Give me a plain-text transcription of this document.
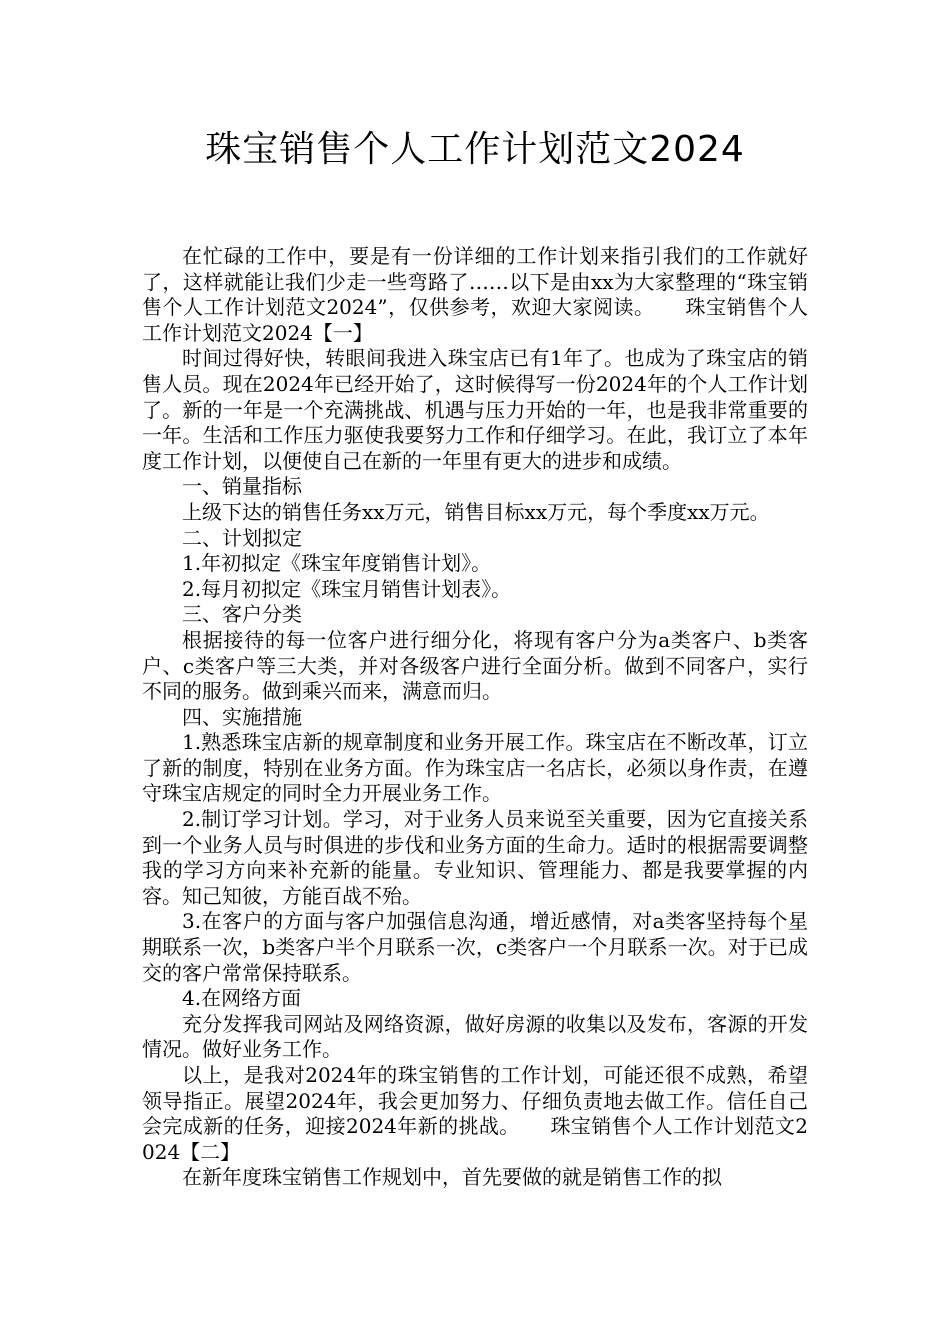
珠宝销售个人工作计划范文2024

在忙碌的工作中，要是有一份详细的工作计划来指引我们的工作就好了，这样就能让我们少走一些弯路了……以下是由xx为大家整理的“珠宝销售个人工作计划范文2024”，仅供参考，欢迎大家阅读。　　珠宝销售个人工作计划范文2024【一】

时间过得好快，转眼间我进入珠宝店已有1年了。也成为了珠宝店的销售人员。现在2024年已经开始了，这时候得写一份2024年的个人工作计划了。新的一年是一个充满挑战、机遇与压力开始的一年，也是我非常重要的一年。生活和工作压力驱使我要努力工作和仔细学习。在此，我订立了本年度工作计划，以便使自己在新的一年里有更大的进步和成绩。

一、销量指标

上级下达的销售任务xx万元，销售目标xx万元，每个季度xx万元。

二、计划拟定

1.年初拟定《珠宝年度销售计划》。

2.每月初拟定《珠宝月销售计划表》。

三、客户分类

根据接待的每一位客户进行细分化，将现有客户分为a类客户、b类客户、c类客户等三大类，并对各级客户进行全面分析。做到不同客户，实行不同的服务。做到乘兴而来，满意而归。

四、实施措施

1.熟悉珠宝店新的规章制度和业务开展工作。珠宝店在不断改革，订立了新的制度，特别在业务方面。作为珠宝店一名店长，必须以身作责，在遵守珠宝店规定的同时全力开展业务工作。

2.制订学习计划。学习，对于业务人员来说至关重要，因为它直接关系到一个业务人员与时俱进的步伐和业务方面的生命力。适时的根据需要调整我的学习方向来补充新的能量。专业知识、管理能力、都是我要掌握的内容。知己知彼，方能百战不殆。

3.在客户的方面与客户加强信息沟通，增近感情，对a类客坚持每个星期联系一次，b类客户半个月联系一次，c类客户一个月联系一次。对于已成交的客户常常保持联系。

4.在网络方面

充分发挥我司网站及网络资源，做好房源的收集以及发布，客源的开发情况。做好业务工作。

以上，是我对2024年的珠宝销售的工作计划，可能还很不成熟，希望领导指正。展望2024年，我会更加努力、仔细负责地去做工作。信任自己会完成新的任务，迎接2024年新的挑战。　　珠宝销售个人工作计划范文2024【二】

在新年度珠宝销售工作规划中，首先要做的就是销售工作的拟
